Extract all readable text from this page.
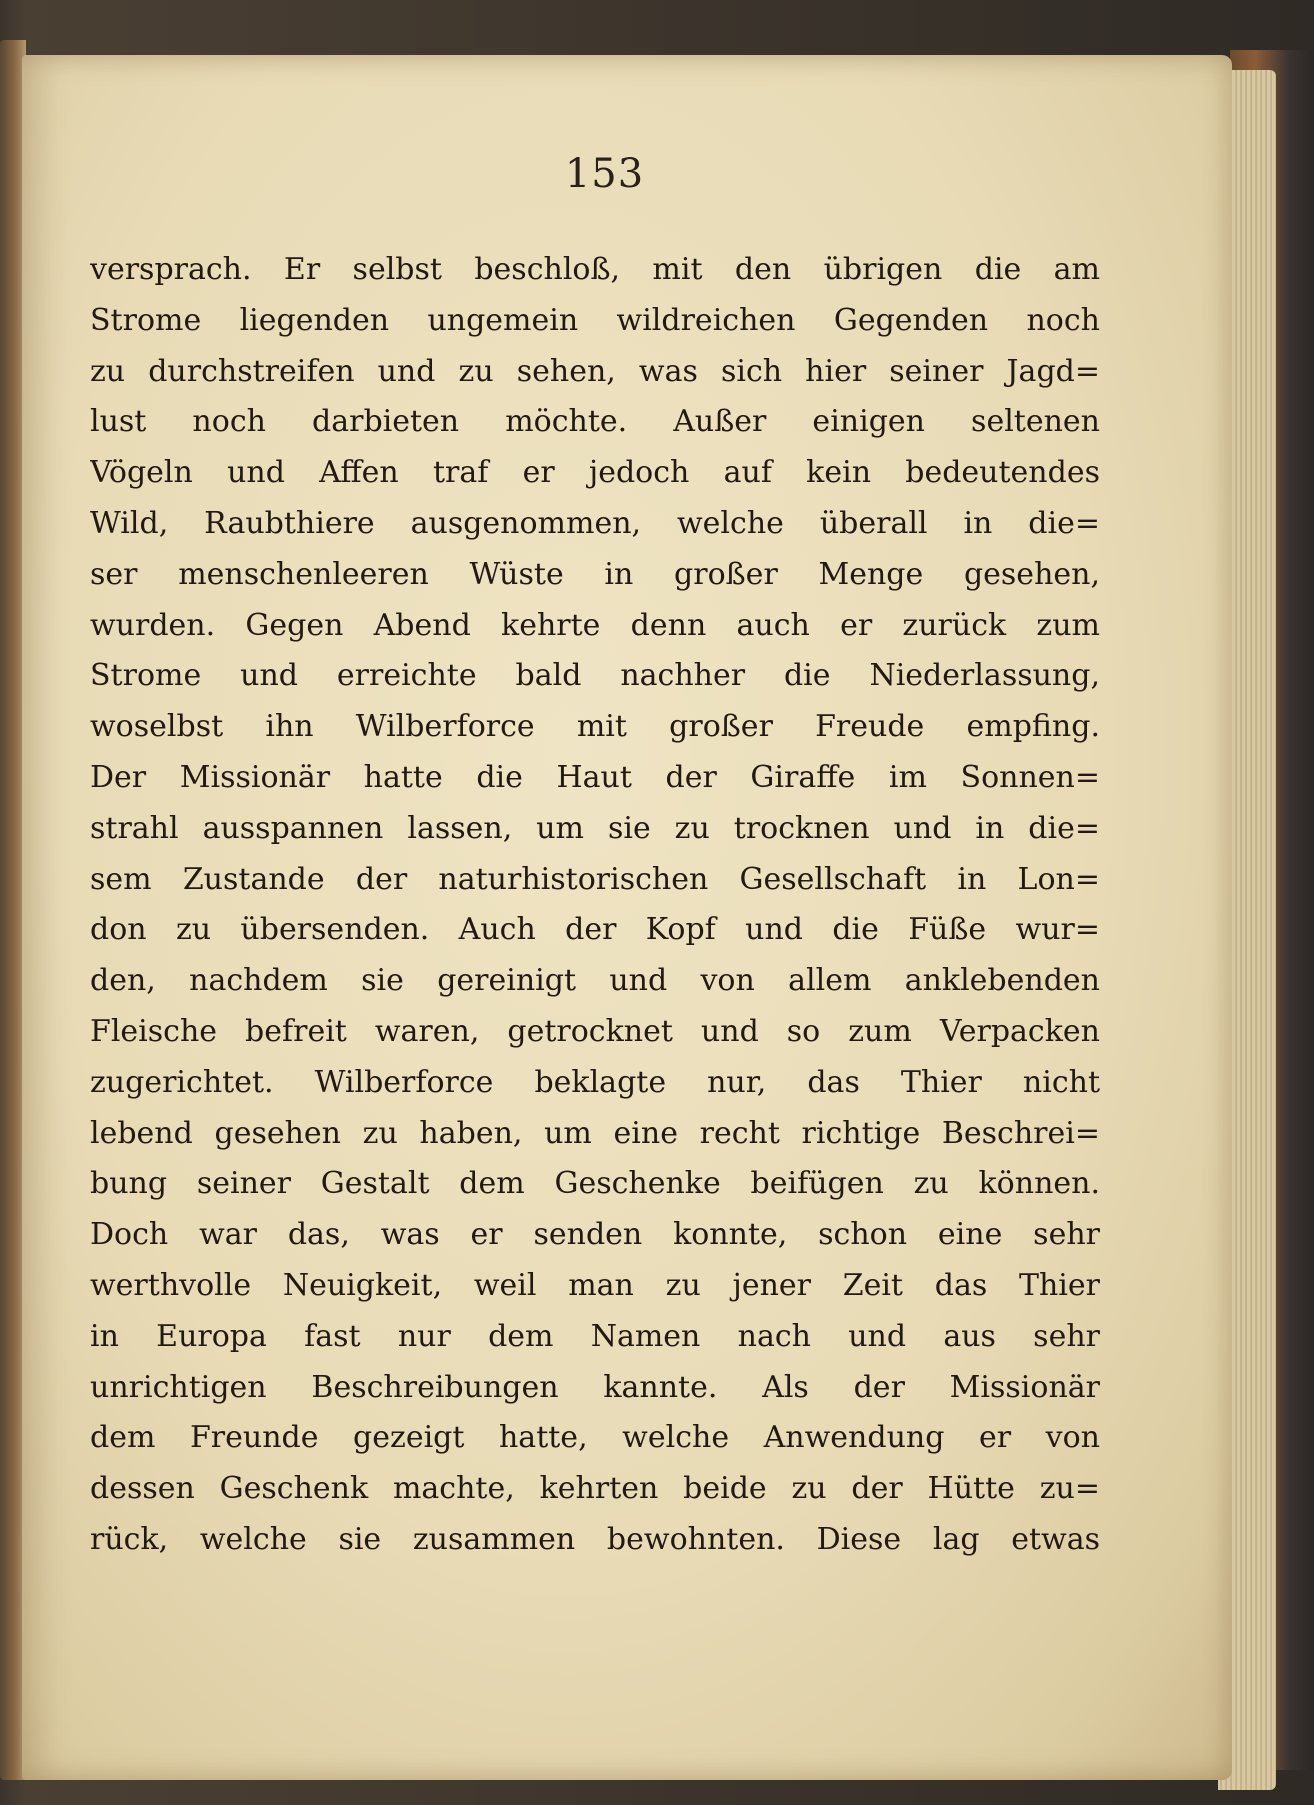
153
versprach. Er selbst beschloß, mit den übrigen die am
Strome liegenden ungemein wildreichen Gegenden noch
zu durchstreifen und zu sehen, was sich hier seiner Jagd=
lust noch darbieten möchte. Außer einigen seltenen
Vögeln und Affen traf er jedoch auf kein bedeutendes
Wild, Raubthiere ausgenommen, welche überall in die=
ser menschenleeren Wüste in großer Menge gesehen,
wurden. Gegen Abend kehrte denn auch er zurück zum
Strome und erreichte bald nachher die Niederlassung,
woselbst ihn Wilberforce mit großer Freude empfing.
Der Missionär hatte die Haut der Giraffe im Sonnen=
strahl ausspannen lassen, um sie zu trocknen und in die=
sem Zustande der naturhistorischen Gesellschaft in Lon=
don zu übersenden. Auch der Kopf und die Füße wur=
den, nachdem sie gereinigt und von allem anklebenden
Fleische befreit waren, getrocknet und so zum Verpacken
zugerichtet. Wilberforce beklagte nur, das Thier nicht
lebend gesehen zu haben, um eine recht richtige Beschrei=
bung seiner Gestalt dem Geschenke beifügen zu können.
Doch war das, was er senden konnte, schon eine sehr
werthvolle Neuigkeit, weil man zu jener Zeit das Thier
in Europa fast nur dem Namen nach und aus sehr
unrichtigen Beschreibungen kannte. Als der Missionär
dem Freunde gezeigt hatte, welche Anwendung er von
dessen Geschenk machte, kehrten beide zu der Hütte zu=
rück, welche sie zusammen bewohnten. Diese lag etwas
